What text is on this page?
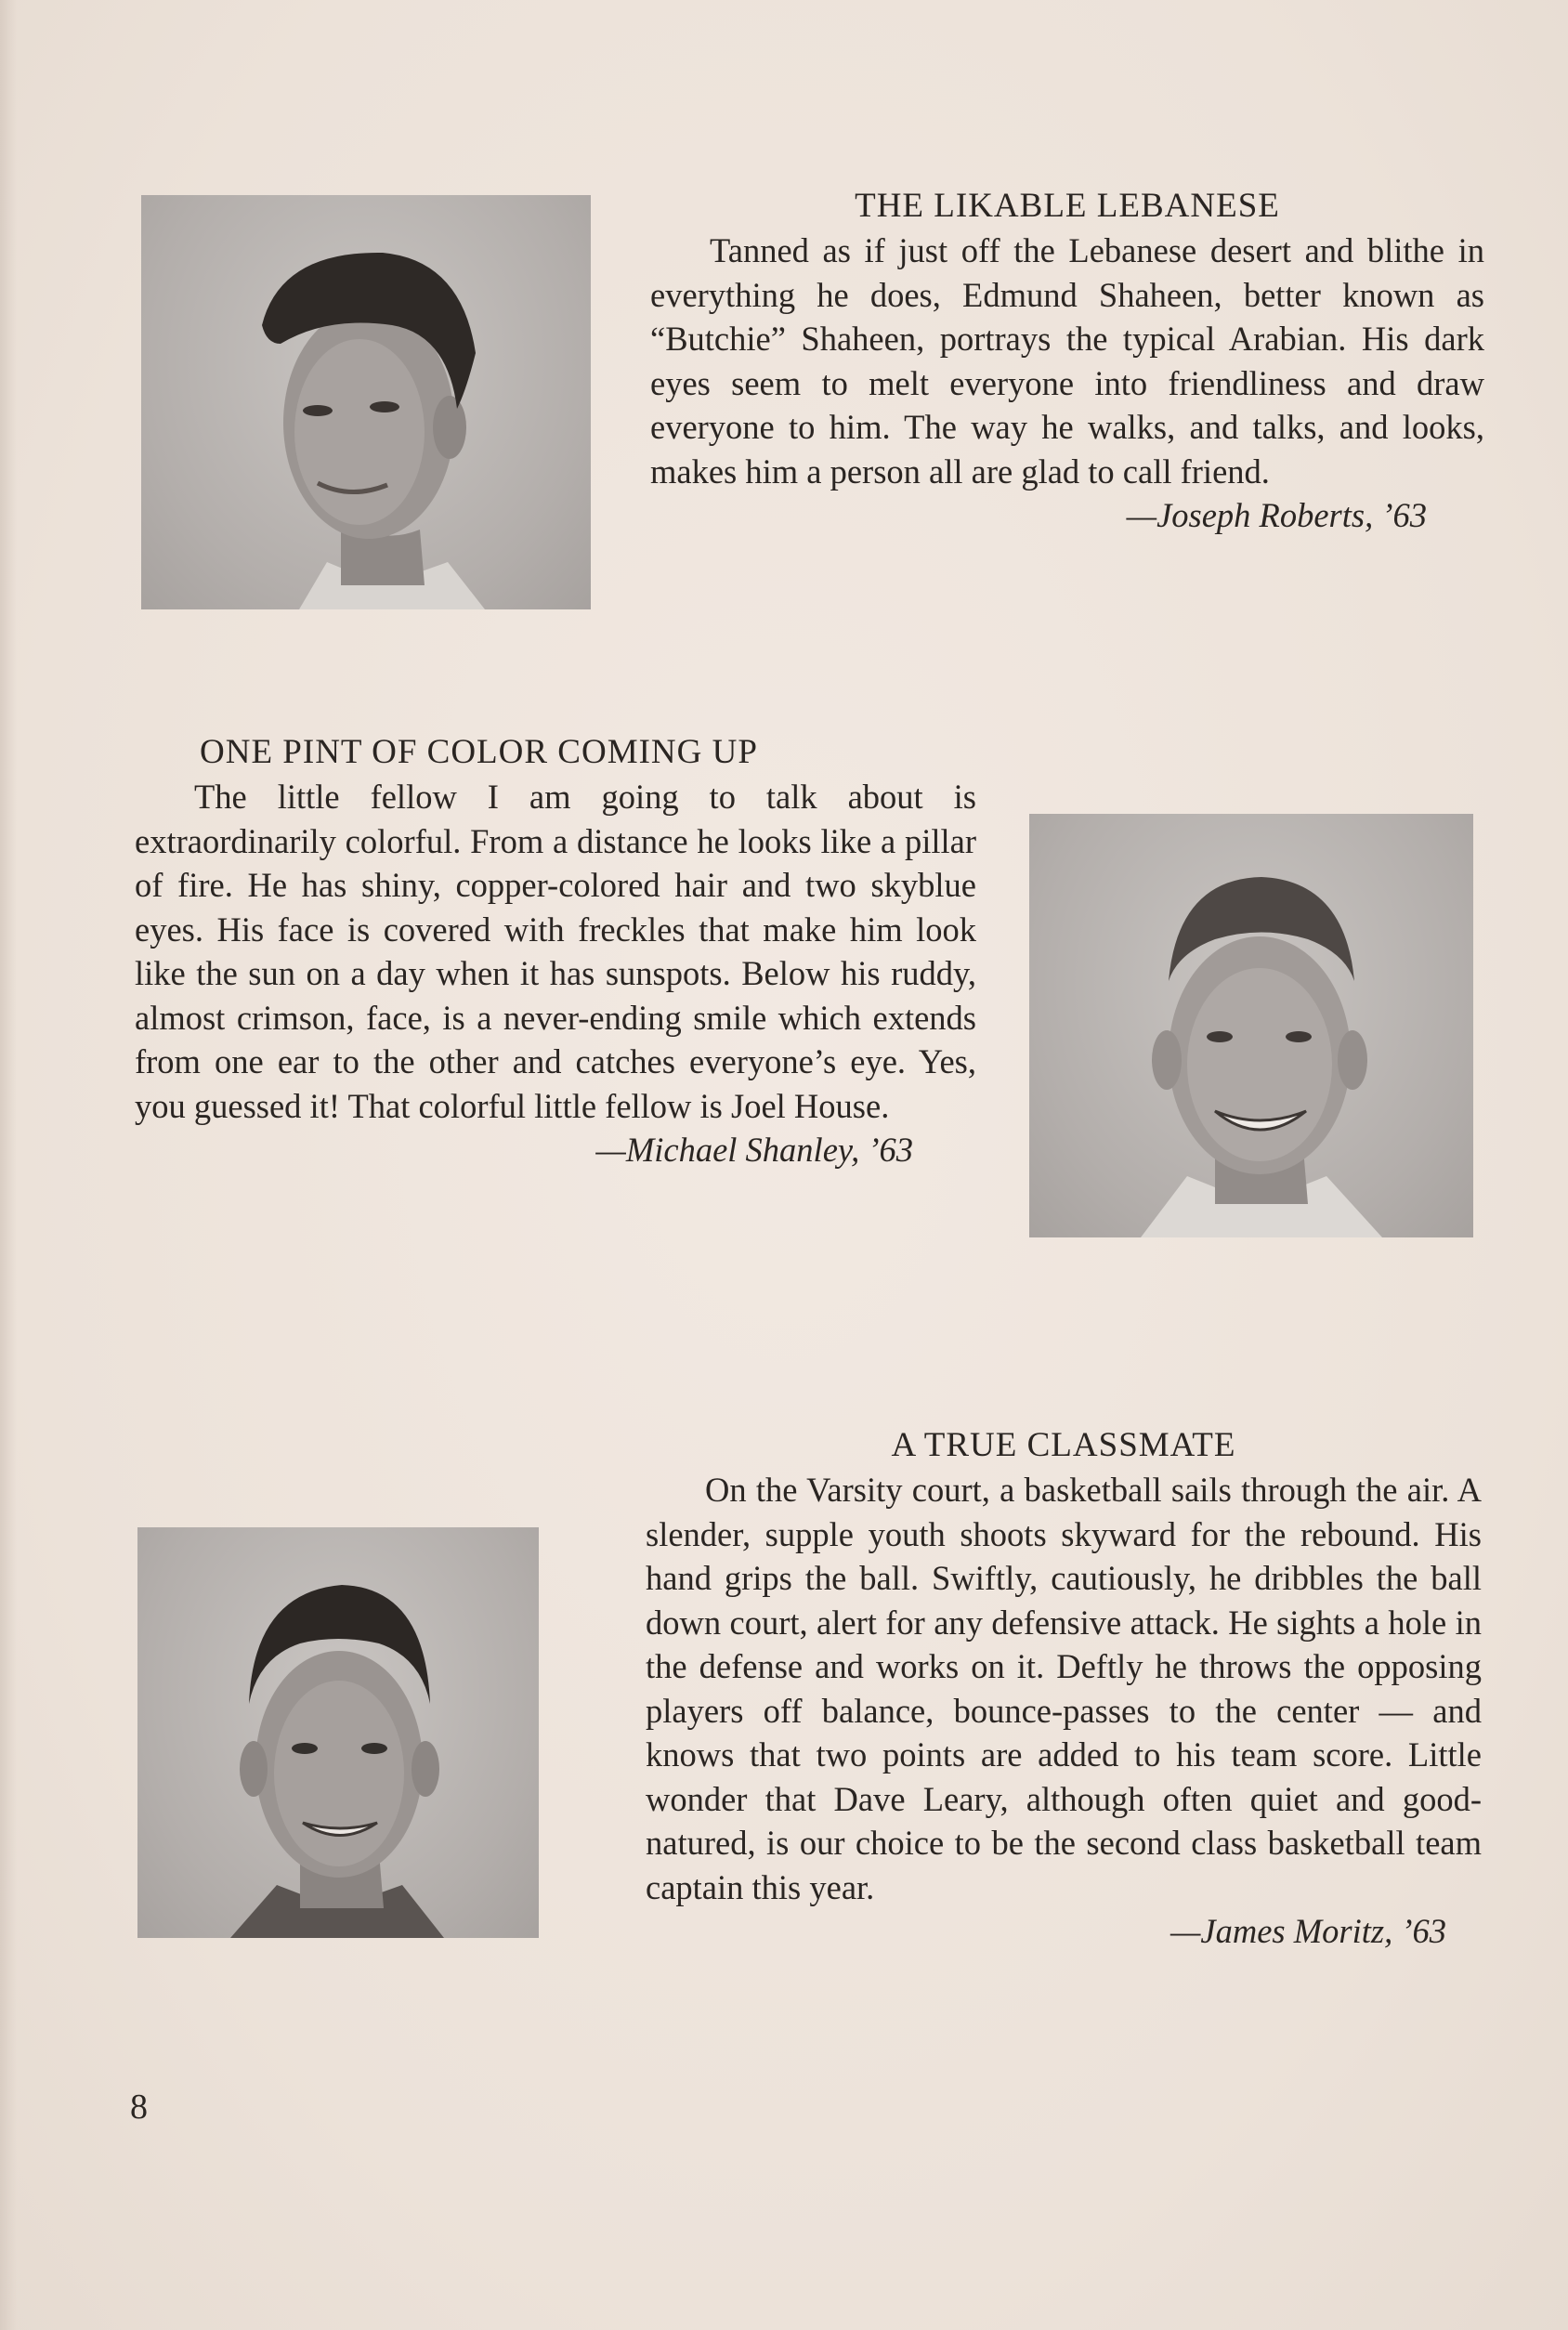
THE LIKABLE LEBANESE

Tanned as if just off the Lebanese desert and blithe in everything he does, Edmund Shaheen, better known as “Butchie” Shaheen, portrays the typical Arabian. His dark eyes seem to melt everyone into friendliness and draw everyone to him. The way he walks, and talks, and looks, makes him a person all are glad to call friend.

—Joseph Roberts, ’63

ONE PINT OF COLOR COMING UP

The little fellow I am going to talk about is extraordinarily colorful. From a distance he looks like a pillar of fire. He has shiny, copper-colored hair and two skyblue eyes. His face is covered with freckles that make him look like the sun on a day when it has sunspots. Below his ruddy, almost crimson, face, is a never-ending smile which extends from one ear to the other and catches everyone’s eye. Yes, you guessed it! That colorful little fellow is Joel House.

—Michael Shanley, ’63

A TRUE CLASSMATE

On the Varsity court, a basketball sails through the air. A slender, supple youth shoots skyward for the rebound. His hand grips the ball. Swiftly, cautiously, he dribbles the ball down court, alert for any defensive attack. He sights a hole in the defense and works on it. Deftly he throws the opposing players off balance, bounce-passes to the center — and knows that two points are added to his team score. Little wonder that Dave Leary, although often quiet and good-natured, is our choice to be the second class basketball team captain this year.

—James Moritz, ’63

8
